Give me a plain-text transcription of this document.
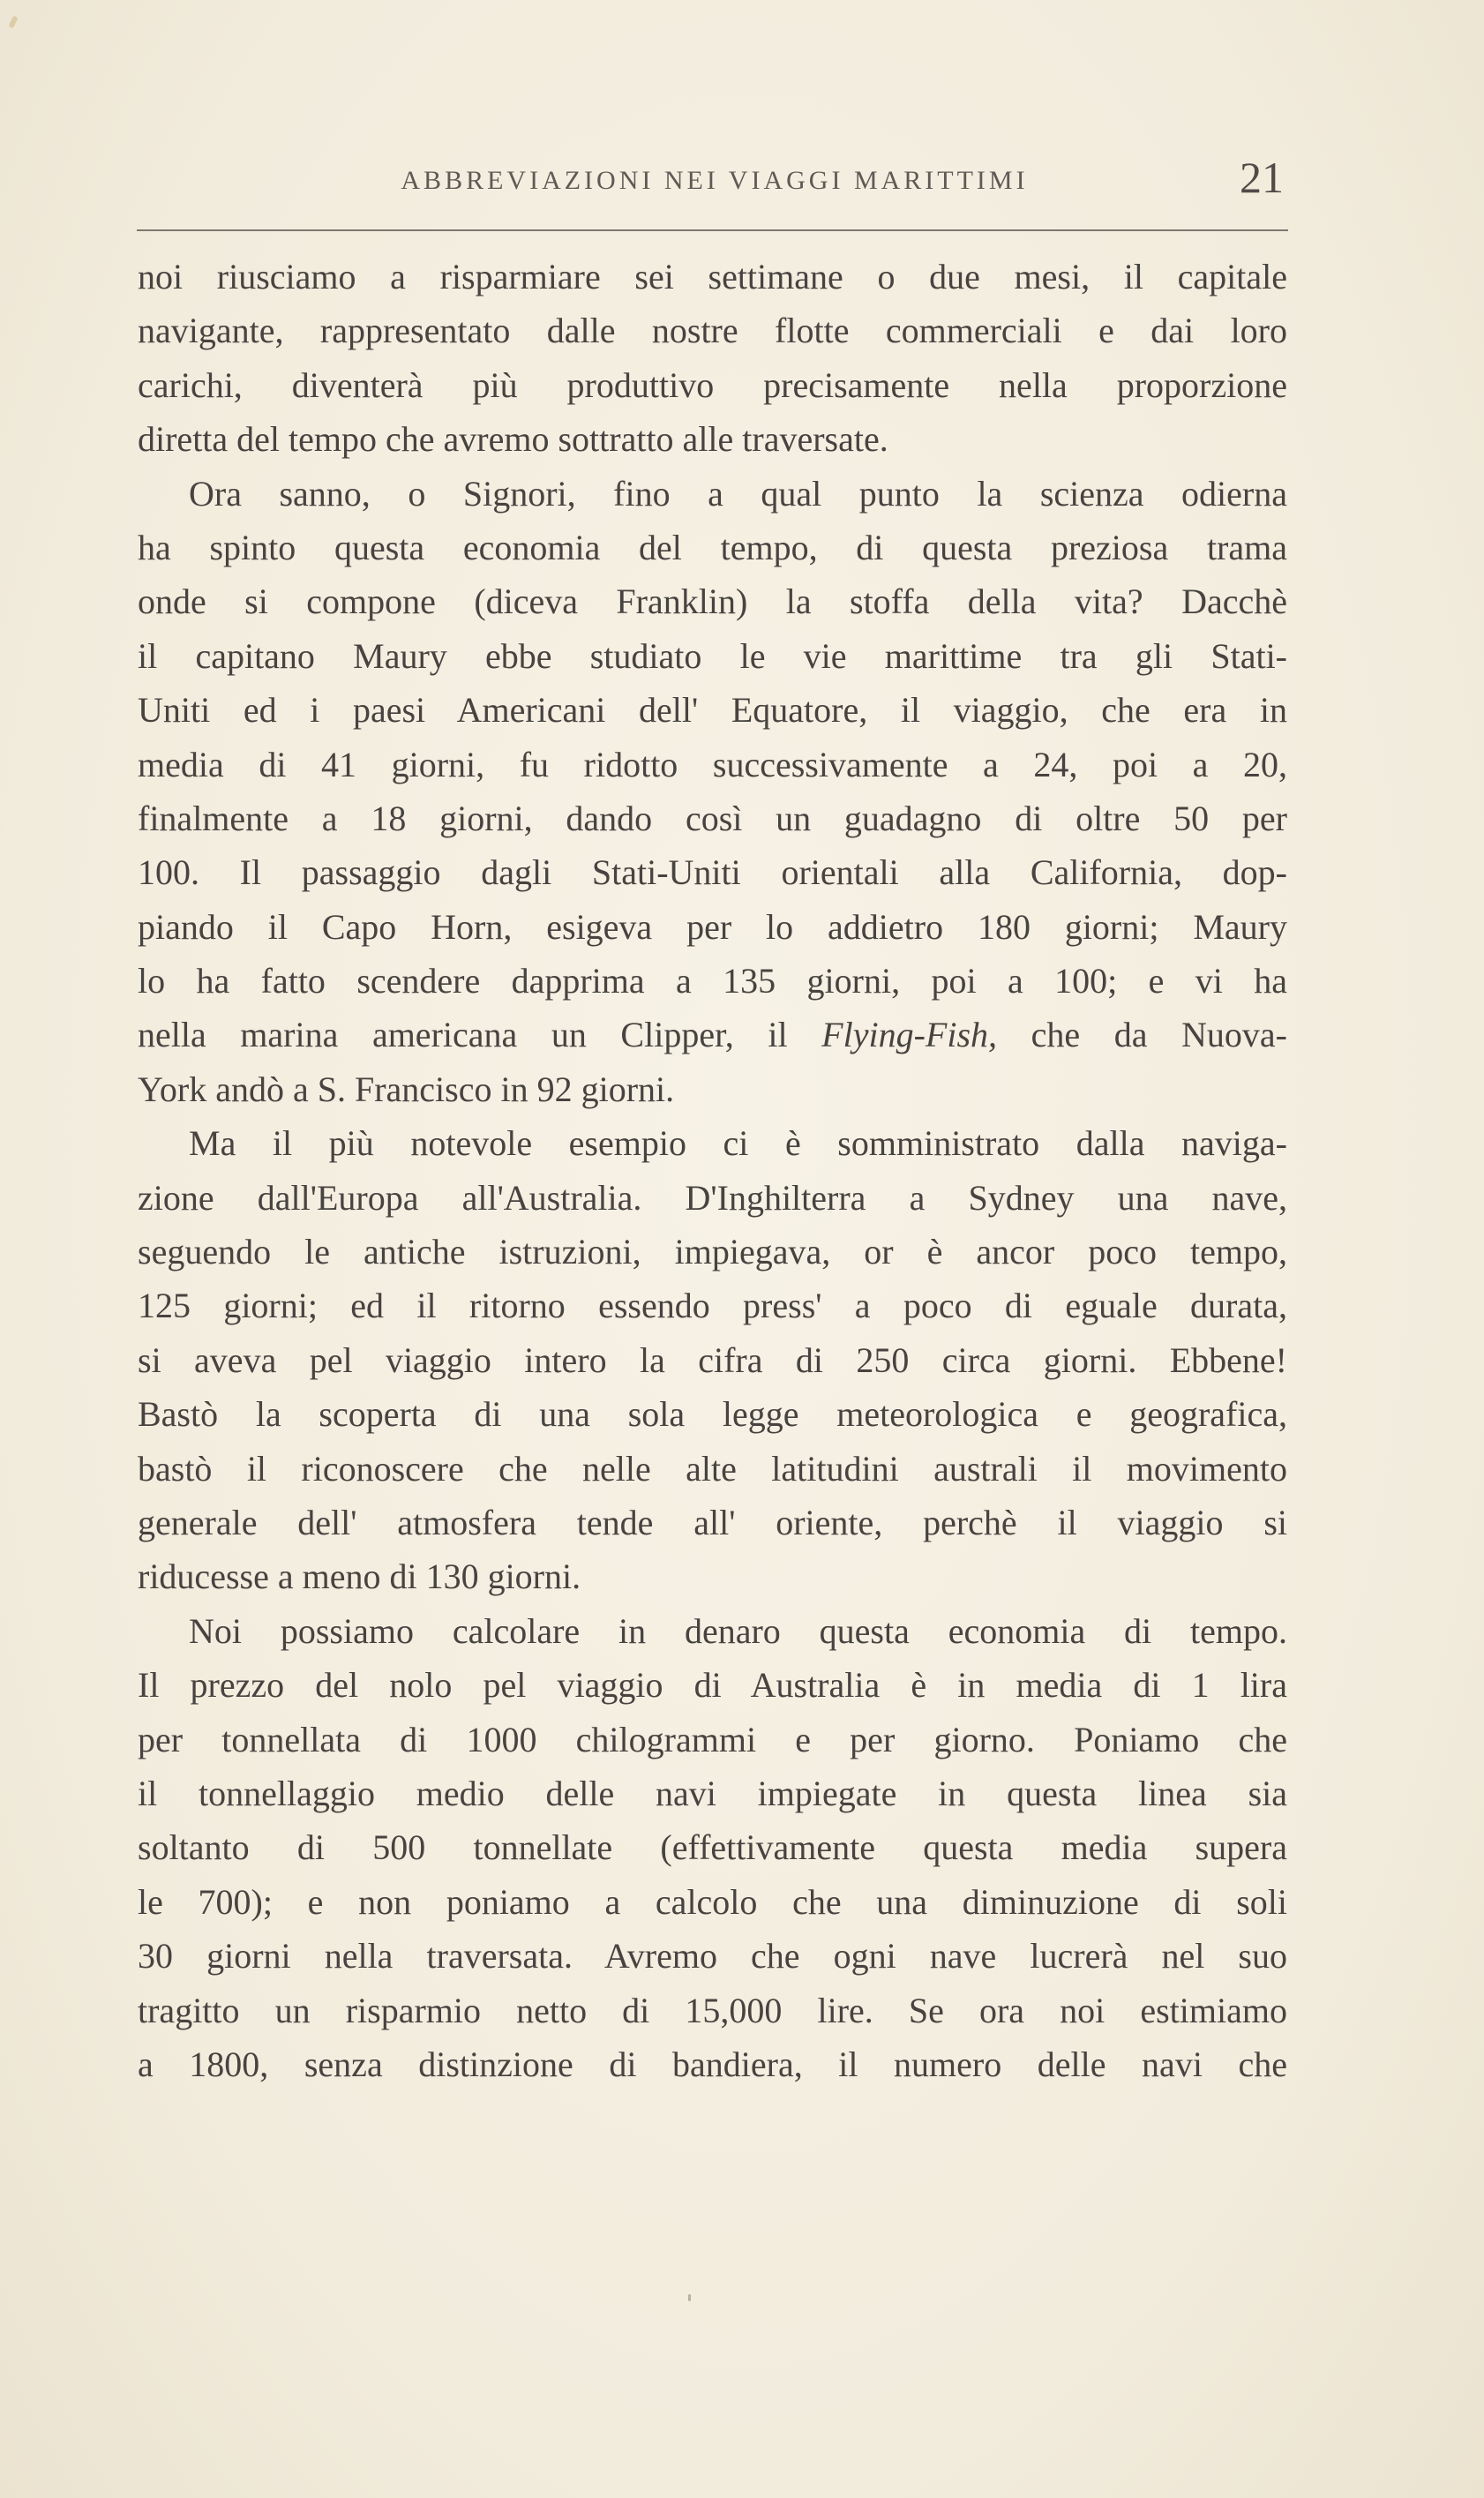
ABBREVIAZIONI NEI VIAGGI MARITTIMI	21
noi riusciamo a risparmiare sei settimane o due mesi, il capitale
navigante, rappresentato dalle nostre flotte commerciali e dai loro
carichi, diventerà più produttivo precisamente nella proporzione
diretta del tempo che avremo sottratto alle traversate.
Ora sanno, o Signori, fino a qual punto la scienza odierna
ha spinto questa economia del tempo, di questa preziosa trama
onde si compone (diceva Franklin) la stoffa della vita? Dacchè
il capitano Maury ebbe studiato le vie marittime tra gli Stati-
Uniti ed i paesi Americani dell' Equatore, il viaggio, che era in
media di 41 giorni, fu ridotto successivamente a 24, poi a 20,
finalmente a 18 giorni, dando così un guadagno di oltre 50 per
100. Il passaggio dagli Stati-Uniti orientali alla California, dop-
piando il Capo Horn, esigeva per lo addietro 180 giorni; Maury
lo ha fatto scendere dapprima a 135 giorni, poi a 100; e vi ha
nella marina americana un Clipper, il Flying-Fish, che da Nuova-
York andò a S. Francisco in 92 giorni.
Ma il più notevole esempio ci è somministrato dalla naviga-
zione dall'Europa all'Australia. D'Inghilterra a Sydney una nave,
seguendo le antiche istruzioni, impiegava, or è ancor poco tempo,
125 giorni; ed il ritorno essendo press' a poco di eguale durata,
si aveva pel viaggio intero la cifra di 250 circa giorni. Ebbene!
Bastò la scoperta di una sola legge meteorologica e geografica,
bastò il riconoscere che nelle alte latitudini australi il movimento
generale dell' atmosfera tende all' oriente, perchè il viaggio si
riducesse a meno di 130 giorni.
Noi possiamo calcolare in denaro questa economia di tempo.
Il prezzo del nolo pel viaggio di Australia è in media di 1 lira
per tonnellata di 1000 chilogrammi e per giorno. Poniamo che
il tonnellaggio medio delle navi impiegate in questa linea sia
soltanto di 500 tonnellate (effettivamente questa media supera
le 700); e non poniamo a calcolo che una diminuzione di soli
30 giorni nella traversata. Avremo che ogni nave lucrerà nel suo
tragitto un risparmio netto di 15,000 lire. Se ora noi estimiamo
a 1800, senza distinzione di bandiera, il numero delle navi che
